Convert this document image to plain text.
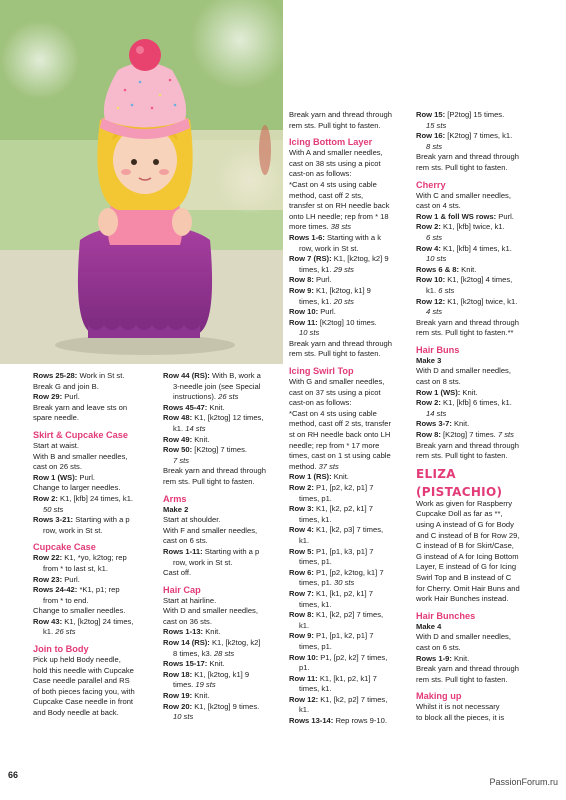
Rows 25-28: Work in St st.

Break G and join B.

Row 29: Purl.

Break yarn and leave sts on

spare needle.

Skirt & Cupcake Case

Start at waist.

With B and smaller needles,

cast on 26 sts.

Row 1 (WS): Purl.

Change to larger needles.

Row 2: K1, [kfb] 24 times, k1.

50 sts

Rows 3-21: Starting with a p

row, work in St st.

Cupcake Case

Row 22: K1, *yo, k2tog; rep

from * to last st, k1.

Row 23: Purl.

Rows 24-42: *K1, p1; rep

from * to end.

Change to smaller needles.

Row 43: K1, [k2tog] 24 times,

k1. 26 sts

Join to Body

Pick up held Body needle,

hold this needle with Cupcake

Case needle parallel and RS

of both pieces facing you, with

Cupcake Case needle in front

and Body needle at back.

Row 44 (RS): With B, work a

3-needle join (see Special

instructions). 26 sts

Rows 45-47: Knit.

Row 48: K1, [k2tog] 12 times,

k1. 14 sts

Row 49: Knit.

Row 50: [K2tog] 7 times.

7 sts

Break yarn and thread through

rem sts. Pull tight to fasten.

Arms

Make 2

Start at shoulder.

With F and smaller needles,

cast on 6 sts.

Rows 1-11: Starting with a p

row, work in St st.

Cast off.

Hair Cap

Start at hairline.

With D and smaller needles,

cast on 36 sts.

Rows 1-13: Knit.

Row 14 (RS): K1, [k2tog, k2]

8 times, k3. 28 sts

Rows 15-17: Knit.

Row 18: K1, [k2tog, k1] 9

times. 19 sts

Row 19: Knit.

Row 20: K1, [k2tog] 9 times.

10 sts

Break yarn and thread through

rem sts. Pull tight to fasten.

Icing Bottom Layer

With A and smaller needles,

cast on 38 sts using a picot

cast-on as follows:

*Cast on 4 sts using cable

method, cast off 2 sts,

transfer st on RH needle back

onto LH needle; rep from * 18

more times. 38 sts

Rows 1-6: Starting with a k

row, work in St st.

Row 7 (RS): K1, [k2tog, k2] 9

times, k1. 29 sts

Row 8: Purl.

Row 9: K1, [k2tog, k1] 9

times, k1. 20 sts

Row 10: Purl.

Row 11: [K2tog] 10 times.

10 sts

Break yarn and thread through

rem sts. Pull tight to fasten.

Icing Swirl Top

With G and smaller needles,

cast on 37 sts using a picot

cast-on as follows:

*Cast on 4 sts using cable

method, cast off 2 sts, transfer

st on RH needle back onto LH

needle; rep from * 17 more

times, cast on 1 st using cable

method. 37 sts

Row 1 (RS): Knit.

Row 2: P1, [p2, k2, p1] 7

times, p1.

Row 3: K1, [k2, p2, k1] 7

times, k1.

Row 4: K1, [k2, p3] 7 times,

k1.

Row 5: P1, [p1, k3, p1] 7

times, p1.

Row 6: P1, [p2, k2tog, k1] 7

times, p1. 30 sts

Row 7: K1, [k1, p2, k1] 7

times, k1.

Row 8: K1, [k2, p2] 7 times,

k1.

Row 9: P1, [p1, k2, p1] 7

times, p1.

Row 10: P1, [p2, k2] 7 times,

p1.

Row 11: K1, [k1, p2, k1] 7

times, k1.

Row 12: K1, [k2, p2] 7 times,

k1.

Rows 13-14: Rep rows 9-10.

Row 15: [P2tog] 15 times.

15 sts

Row 16: [K2tog] 7 times, k1.

8 sts

Break yarn and thread through

rem sts. Pull tight to fasten.

Cherry

With C and smaller needles,

cast on 4 sts.

Row 1 & foll WS rows: Purl.

Row 2: K1, [kfb] twice, k1.

6 sts

Row 4: K1, [kfb] 4 times, k1.

10 sts

Rows 6 & 8: Knit.

Row 10: K1, [k2tog] 4 times,

k1. 6 sts

Row 12: K1, [k2tog] twice, k1.

4 sts

Break yarn and thread through

rem sts. Pull tight to fasten.**

Hair Buns

Make 3

With D and smaller needles,

cast on 8 sts.

Row 1 (WS): Knit.

Row 2: K1, [kfb] 6 times, k1.

14 sts

Rows 3-7: Knit.

Row 8: [K2tog] 7 times. 7 sts

Break yarn and thread through

rem sts. Pull tight to fasten.

ELIZA

(PISTACHIO)

Work as given for Raspberry

Cupcake Doll as far as **,

using A instead of G for Body

and C instead of B for Row 29,

C instead of B for Skirt/Case,

G instead of A for Icing Bottom

Layer, E instead of G for Icing

Swirl Top and B instead of C

for Cherry. Omit Hair Buns and

work Hair Bunches instead.

Hair Bunches

Make 4

With D and smaller needles,

cast on 6 sts.

Rows 1-9: Knit.

Break yarn and thread through

rem sts. Pull tight to fasten.

Making up

Whilst it is not necessary

to block all the pieces, it is

66
PassionForum.ru
